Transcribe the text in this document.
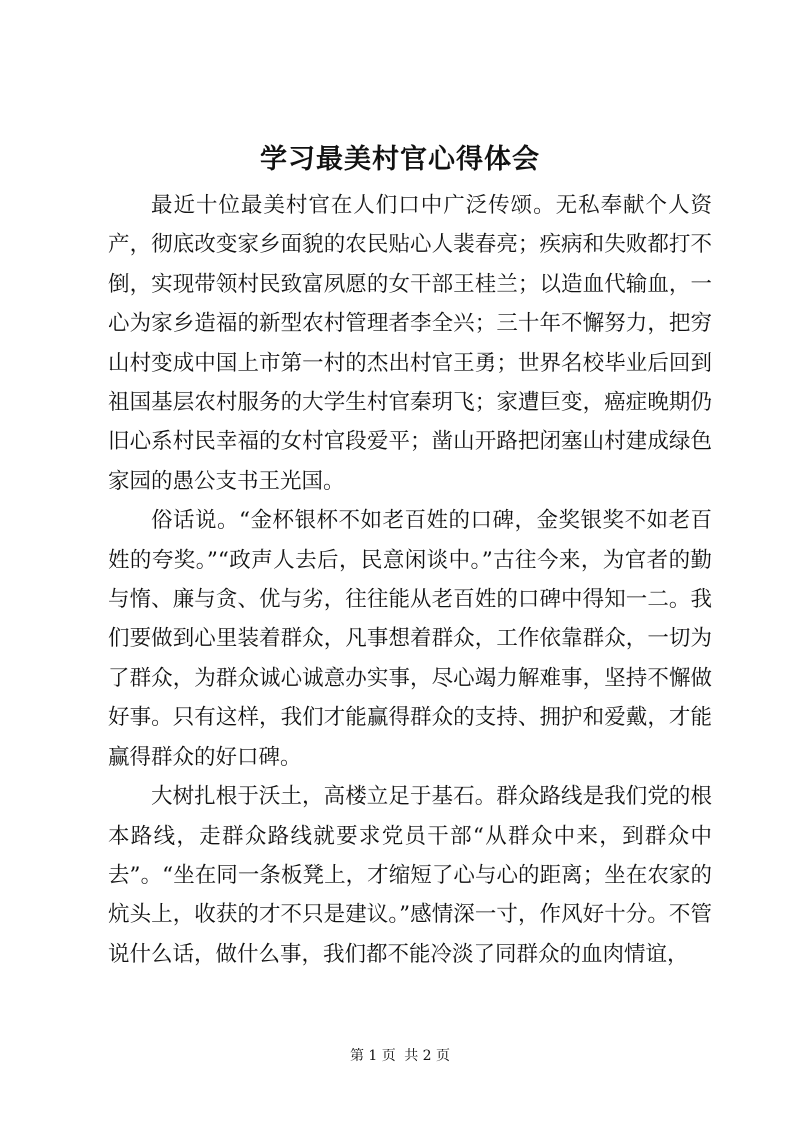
学习最美村官心得体会

最近十位最美村官在人们口中广泛传颂。无私奉献个人资产，彻底改变家乡面貌的农民贴心人裴春亮；疾病和失败都打不倒，实现带领村民致富夙愿的女干部王桂兰；以造血代输血，一心为家乡造福的新型农村管理者李全兴；三十年不懈努力，把穷山村变成中国上市第一村的杰出村官王勇；世界名校毕业后回到祖国基层农村服务的大学生村官秦玥飞；家遭巨变，癌症晚期仍旧心系村民幸福的女村官段爱平；凿山开路把闭塞山村建成绿色家园的愚公支书王光国。

俗话说。“金杯银杯不如老百姓的口碑，金奖银奖不如老百姓的夸奖。”“政声人去后，民意闲谈中。”古往今来，为官者的勤与惰、廉与贪、优与劣，往往能从老百姓的口碑中得知一二。我们要做到心里装着群众，凡事想着群众，工作依靠群众，一切为了群众，为群众诚心诚意办实事，尽心竭力解难事，坚持不懈做好事。只有这样，我们才能赢得群众的支持、拥护和爱戴，才能赢得群众的好口碑。

大树扎根于沃土，高楼立足于基石。群众路线是我们党的根本路线，走群众路线就要求党员干部“从群众中来，到群众中去”。“坐在同一条板凳上，才缩短了心与心的距离；坐在农家的炕头上，收获的才不只是建议。”感情深一寸，作风好十分。不管说什么话，做什么事，我们都不能冷淡了同群众的血肉情谊，

第 1 页 共 2 页
